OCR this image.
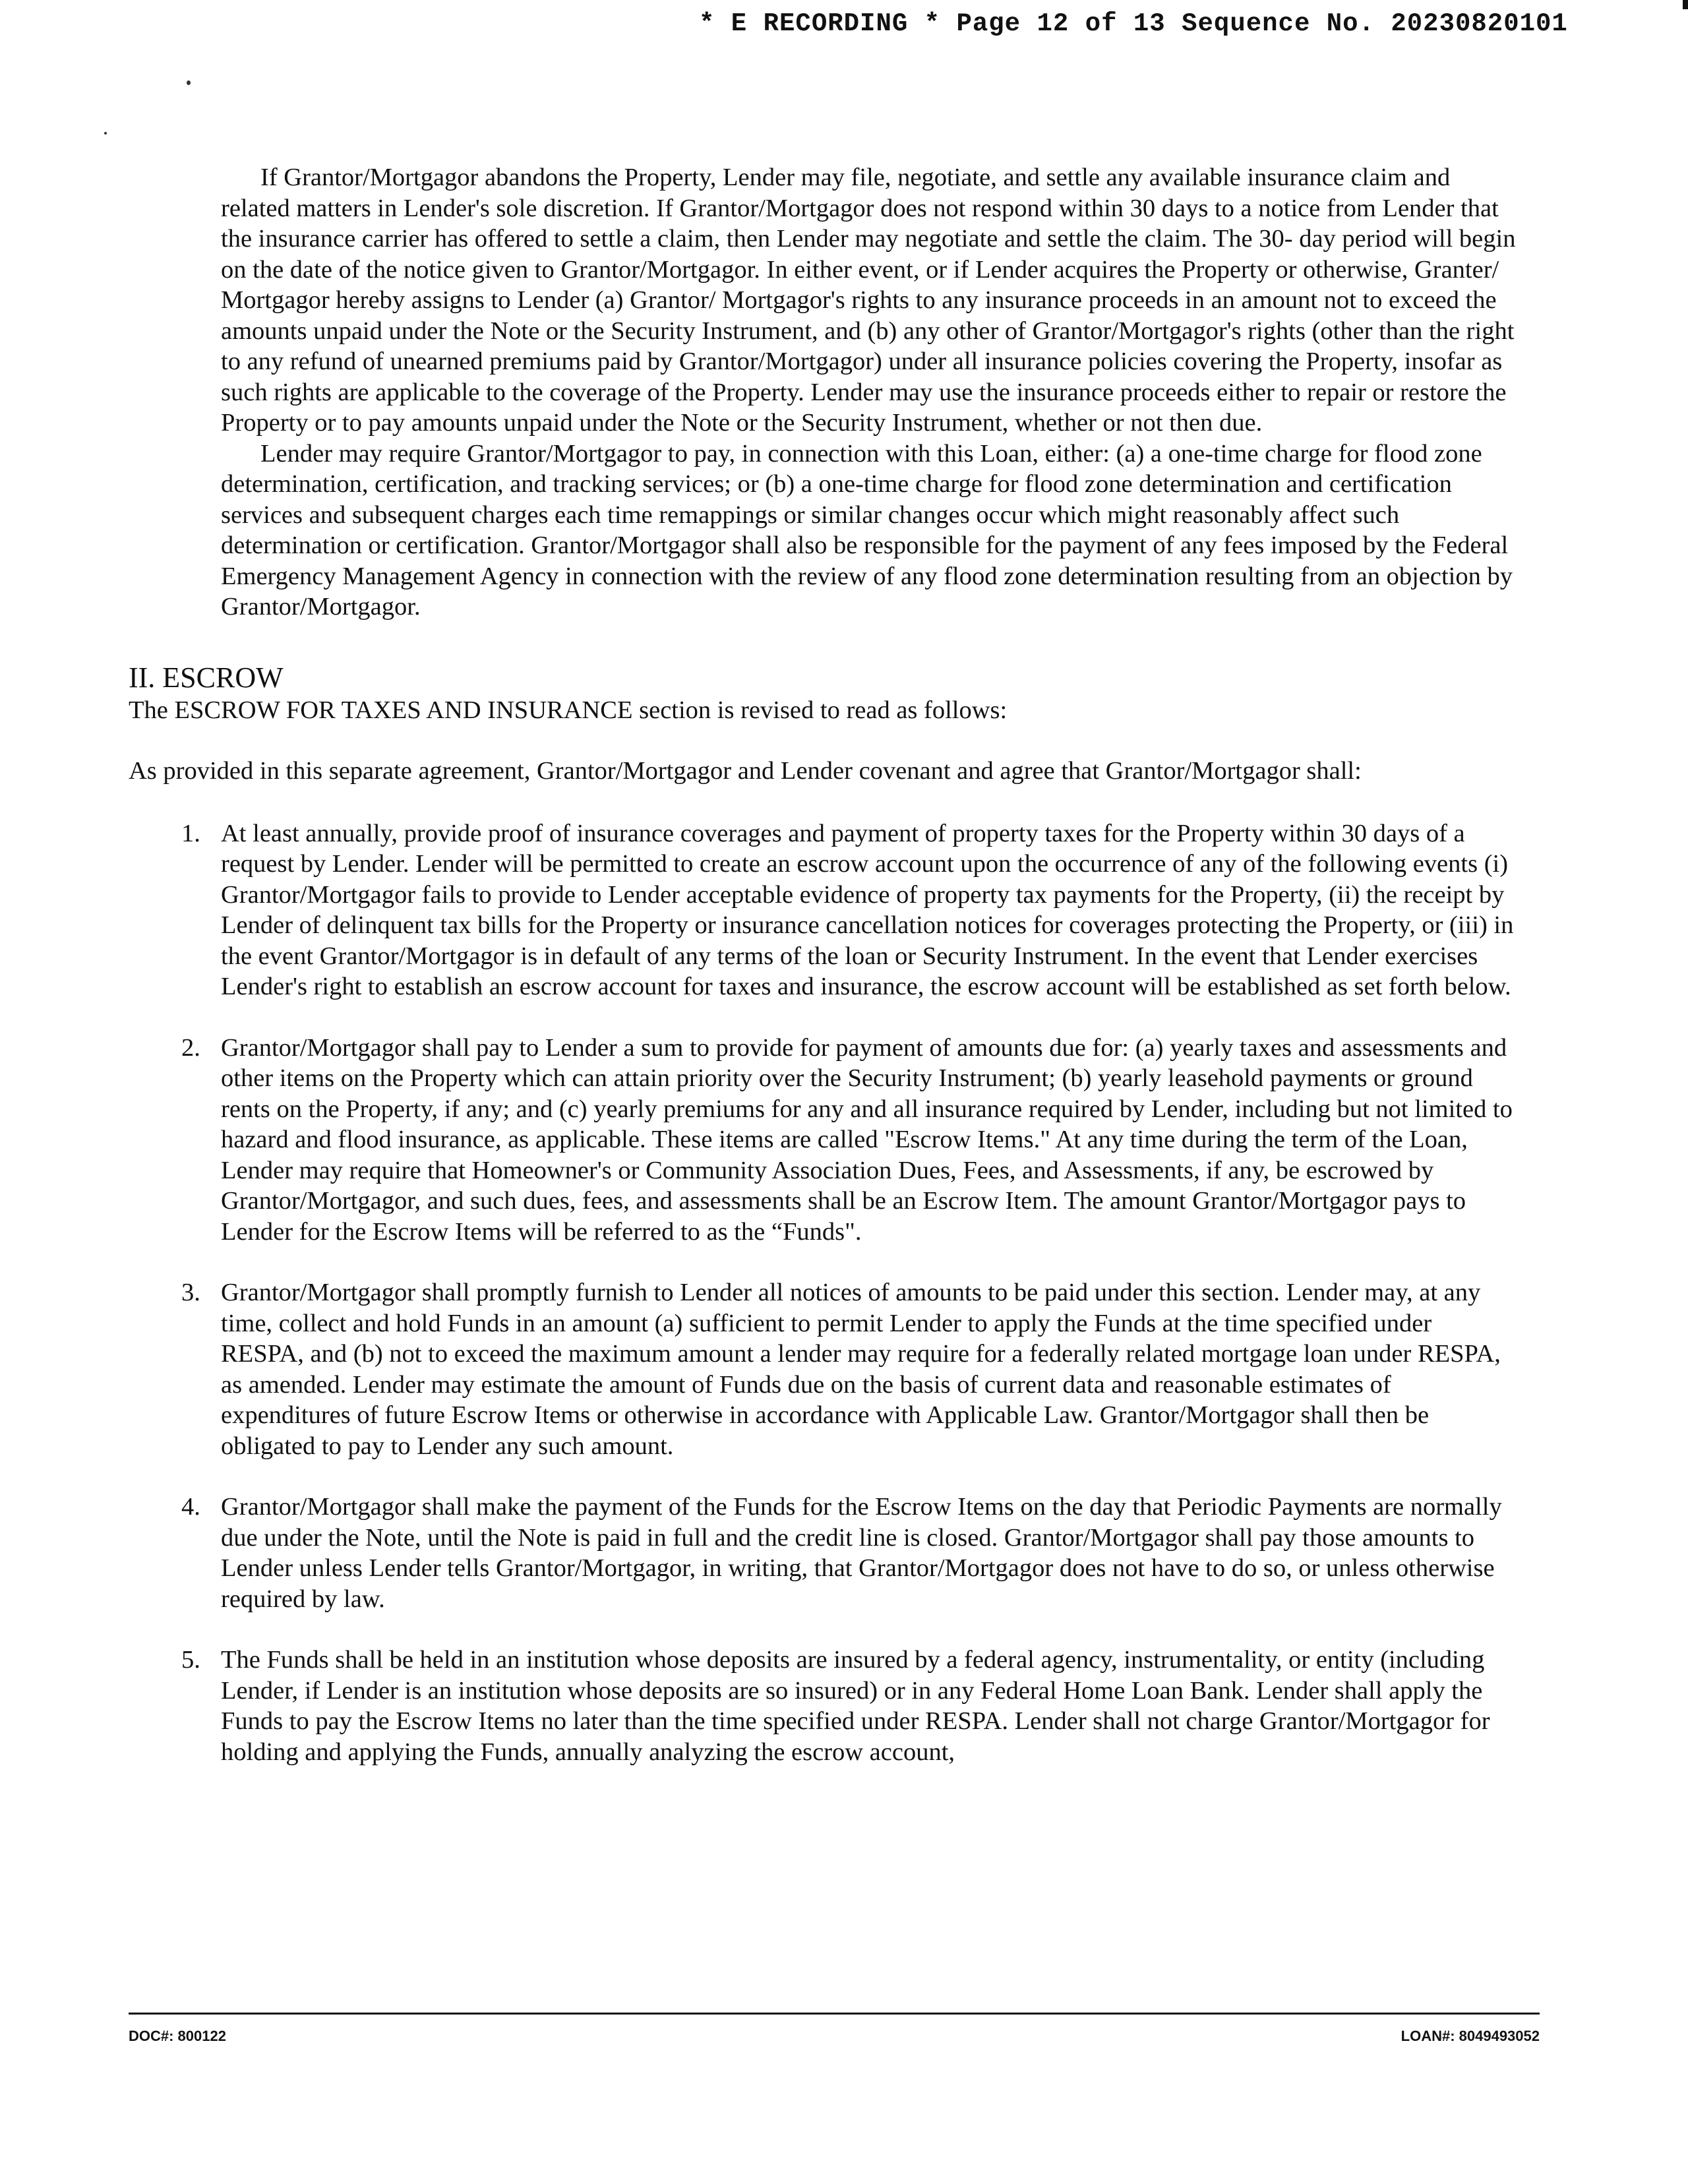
* E RECORDING * Page 12 of 13 Sequence No. 20230820101

If Grantor/Mortgagor abandons the Property, Lender may file, negotiate, and settle any available insurance claim and related matters in Lender's sole discretion. If Grantor/Mortgagor does not respond within 30 days to a notice from Lender that the insurance carrier has offered to settle a claim, then Lender may negotiate and settle the claim. The 30- day period will begin on the date of the notice given to Grantor/Mortgagor. In either event, or if Lender acquires the Property or otherwise, Granter/ Mortgagor hereby assigns to Lender (a) Grantor/ Mortgagor's rights to any insurance proceeds in an amount not to exceed the amounts unpaid under the Note or the Security Instrument, and (b) any other of Grantor/Mortgagor's rights (other than the right to any refund of unearned premiums paid by Grantor/Mortgagor) under all insurance policies covering the Property, insofar as such rights are applicable to the coverage of the Property. Lender may use the insurance proceeds either to repair or restore the Property or to pay amounts unpaid under the Note or the Security Instrument, whether or not then due.

Lender may require Grantor/Mortgagor to pay, in connection with this Loan, either: (a) a one-time charge for flood zone determination, certification, and tracking services; or (b) a one-time charge for flood zone determination and certification services and subsequent charges each time remappings or similar changes occur which might reasonably affect such determination or certification. Grantor/Mortgagor shall also be responsible for the payment of any fees imposed by the Federal Emergency Management Agency in connection with the review of any flood zone determination resulting from an objection by Grantor/Mortgagor.

II. ESCROW

The ESCROW FOR TAXES AND INSURANCE section is revised to read as follows:

As provided in this separate agreement, Grantor/Mortgagor and Lender covenant and agree that Grantor/Mortgagor shall:

1. At least annually, provide proof of insurance coverages and payment of property taxes for the Property within 30 days of a request by Lender. Lender will be permitted to create an escrow account upon the occurrence of any of the following events (i) Grantor/Mortgagor fails to provide to Lender acceptable evidence of property tax payments for the Property, (ii) the receipt by Lender of delinquent tax bills for the Property or insurance cancellation notices for coverages protecting the Property, or (iii) in the event Grantor/Mortgagor is in default of any terms of the loan or Security Instrument. In the event that Lender exercises Lender's right to establish an escrow account for taxes and insurance, the escrow account will be established as set forth below.
2. Grantor/Mortgagor shall pay to Lender a sum to provide for payment of amounts due for: (a) yearly taxes and assessments and other items on the Property which can attain priority over the Security Instrument; (b) yearly leasehold payments or ground rents on the Property, if any; and (c) yearly premiums for any and all insurance required by Lender, including but not limited to hazard and flood insurance, as applicable. These items are called "Escrow Items." At any time during the term of the Loan, Lender may require that Homeowner's or Community Association Dues, Fees, and Assessments, if any, be escrowed by Grantor/Mortgagor, and such dues, fees, and assessments shall be an Escrow Item. The amount Grantor/Mortgagor pays to Lender for the Escrow Items will be referred to as the “Funds".
3. Grantor/Mortgagor shall promptly furnish to Lender all notices of amounts to be paid under this section. Lender may, at any time, collect and hold Funds in an amount (a) sufficient to permit Lender to apply the Funds at the time specified under RESPA, and (b) not to exceed the maximum amount a lender may require for a federally related mortgage loan under RESPA, as amended. Lender may estimate the amount of Funds due on the basis of current data and reasonable estimates of expenditures of future Escrow Items or otherwise in accordance with Applicable Law. Grantor/Mortgagor shall then be obligated to pay to Lender any such amount.
4. Grantor/Mortgagor shall make the payment of the Funds for the Escrow Items on the day that Periodic Payments are normally due under the Note, until the Note is paid in full and the credit line is closed. Grantor/Mortgagor shall pay those amounts to Lender unless Lender tells Grantor/Mortgagor, in writing, that Grantor/Mortgagor does not have to do so, or unless otherwise required by law.
5. The Funds shall be held in an institution whose deposits are insured by a federal agency, instrumentality, or entity (including Lender, if Lender is an institution whose deposits are so insured) or in any Federal Home Loan Bank. Lender shall apply the Funds to pay the Escrow Items no later than the time specified under RESPA. Lender shall not charge Grantor/Mortgagor for holding and applying the Funds, annually analyzing the escrow account,
DOC#: 800122	LOAN#: 8049493052
